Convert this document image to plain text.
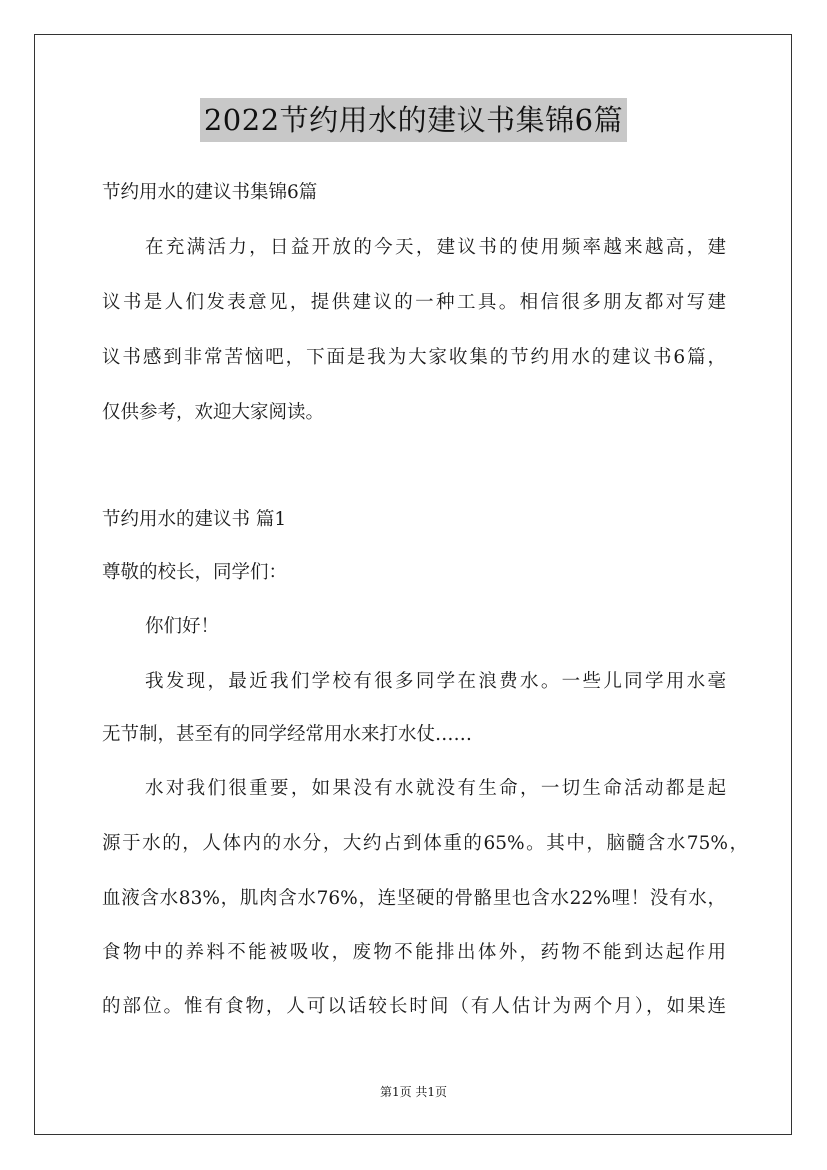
2022节约用水的建议书集锦6篇
节约用水的建议书集锦6篇
在充满活力，日益开放的今天，建议书的使用频率越来越高，建
议书是人们发表意见，提供建议的一种工具。相信很多朋友都对写建
议书感到非常苦恼吧，下面是我为大家收集的节约用水的建议书6篇，
仅供参考，欢迎大家阅读。
节约用水的建议书 篇1
尊敬的校长，同学们：
你们好！
我发现，最近我们学校有很多同学在浪费水。一些儿同学用水毫
无节制，甚至有的同学经常用水来打水仗……
水对我们很重要，如果没有水就没有生命，一切生命活动都是起
源于水的，人体内的水分，大约占到体重的65%。其中，脑髓含水75%，
血液含水83%，肌肉含水76%，连坚硬的骨骼里也含水22%哩！没有水，
食物中的养料不能被吸收，废物不能排出体外，药物不能到达起作用
的部位。惟有食物，人可以话较长时间（有人估计为两个月），如果连
第1页 共1页
